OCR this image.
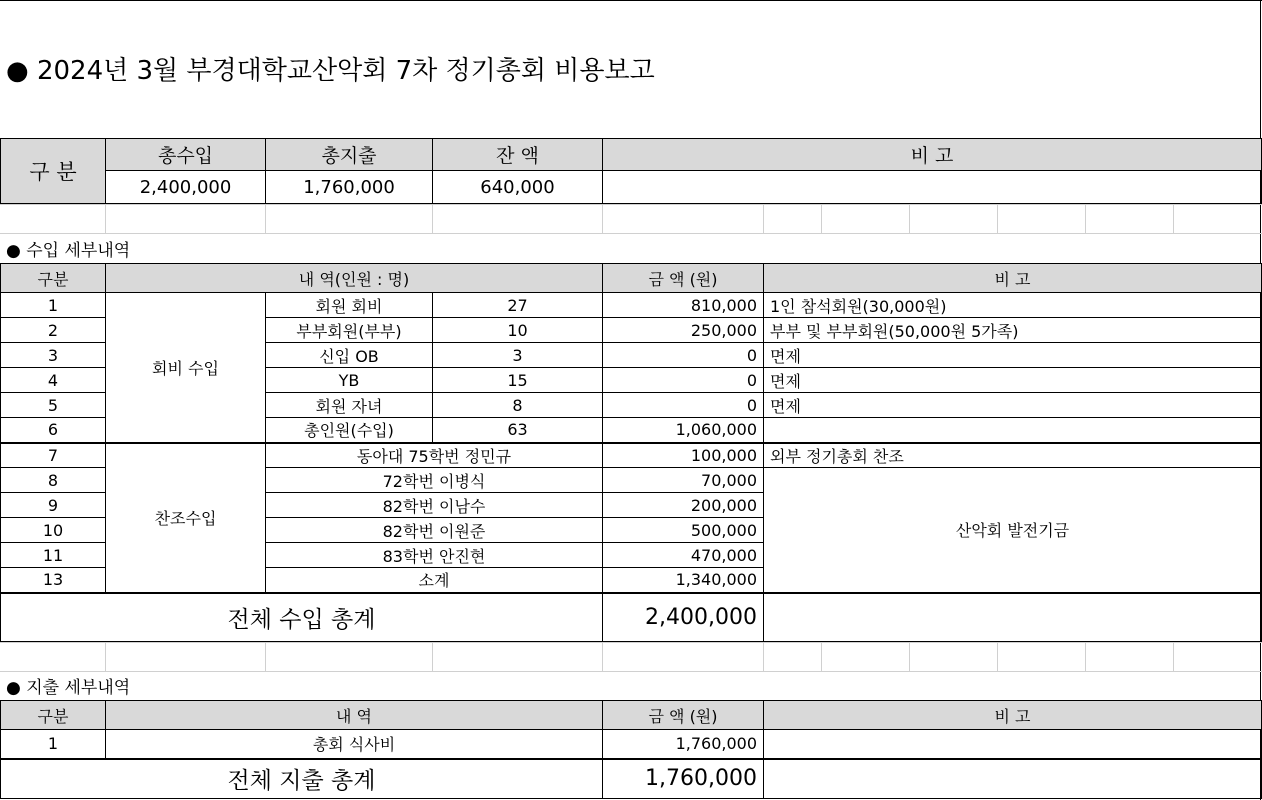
● 2024년 3월 부경대학교산악회 7차 정기총회 비용보고
구 분	총수입	총지출	잔 액	비 고
	2,400,000	1,760,000	640,000	
● 수입 세부내역
구분	내 역(인원 : 명)			금 액 (원)	비 고
1	회비 수입	회원 회비	27	810,000	1인 참석회원(30,000원)
2		부부회원(부부)	10	250,000	부부 및 부부회원(50,000원 5가족)
3		신입 OB	3	0	면제
4		YB	15	0	면제
5		회원 자녀	8	0	면제
6		총인원(수입)	63	1,060,000	
7	찬조수입	동아대 75학번 정민규		100,000	외부 정기총회 찬조
8		72학번 이병식		70,000	산악회 발전기금
9		82학번 이남수		200,000	
10		82학번 이원준		500,000	
11		83학번 안진현		470,000	
13		소계		1,340,000	
전체 수입 총계				2,400,000	
● 지출 세부내역
구분	내 역	금 액 (원)	비 고
1	총회 식사비	1,760,000	
전체 지출 총계		1,760,000	
